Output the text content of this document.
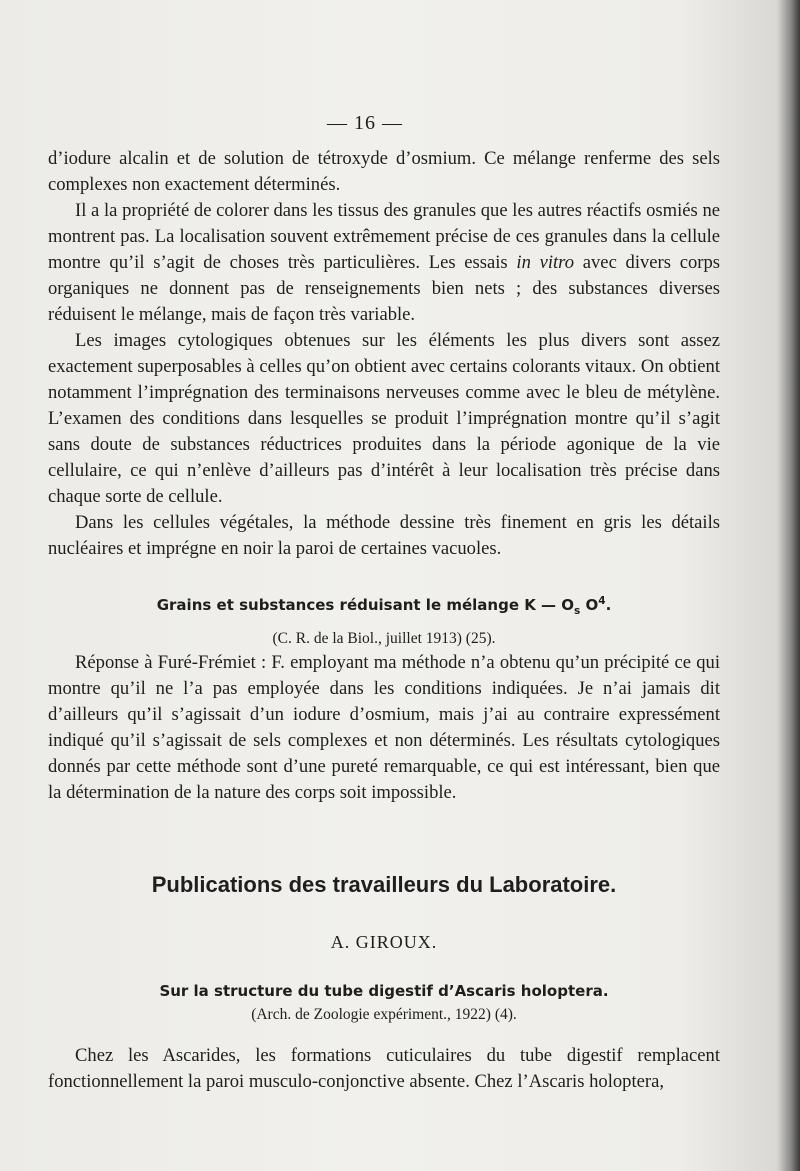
— 16 —

d’iodure alcalin et de solution de tétroxyde d’osmium. Ce mélange renferme des sels complexes non exactement déterminés.

Il a la propriété de colorer dans les tissus des granules que les autres réactifs osmiés ne montrent pas. La localisation souvent extrêmement précise de ces granules dans la cellule montre qu’il s’agit de choses très particulières. Les essais in vitro avec divers corps organiques ne donnent pas de renseignements bien nets ; des substances diverses réduisent le mélange, mais de façon très variable.

Les images cytologiques obtenues sur les éléments les plus divers sont assez exactement superposables à celles qu’on obtient avec certains colorants vitaux. On obtient notamment l’imprégnation des terminaisons nerveuses comme avec le bleu de métylène. L’examen des conditions dans lesquelles se produit l’imprégnation montre qu’il s’agit sans doute de substances réductrices produites dans la période agonique de la vie cellulaire, ce qui n’enlève d’ailleurs pas d’intérêt à leur localisation très précise dans chaque sorte de cellule.

Dans les cellules végétales, la méthode dessine très finement en gris les détails nucléaires et imprégne en noir la paroi de certaines vacuoles.

Grains et substances réduisant le mélange K — $O_s$ $O^4$.
(C. R. de la Biol., juillet 1913) (25).

Réponse à Furé-Frémiet : F. employant ma méthode n’a obtenu qu’un précipité ce qui montre qu’il ne l’a pas employée dans les conditions indiquées. Je n’ai jamais dit d’ailleurs qu’il s’agissait d’un iodure d’osmium, mais j’ai au contraire expressément indiqué qu’il s’agissait de sels complexes et non déterminés. Les résultats cytologiques donnés par cette méthode sont d’une pureté remarquable, ce qui est intéressant, bien que la détermination de la nature des corps soit impossible.

Publications des travailleurs du Laboratoire.
A. GIROUX.
Sur la structure du tube digestif d’Ascaris holoptera.
(Arch. de Zoologie expériment., 1922) (4).

Chez les Ascarides, les formations cuticulaires du tube digestif remplacent fonctionnellement la paroi musculo-conjonctive absente. Chez l’Ascaris holoptera,
